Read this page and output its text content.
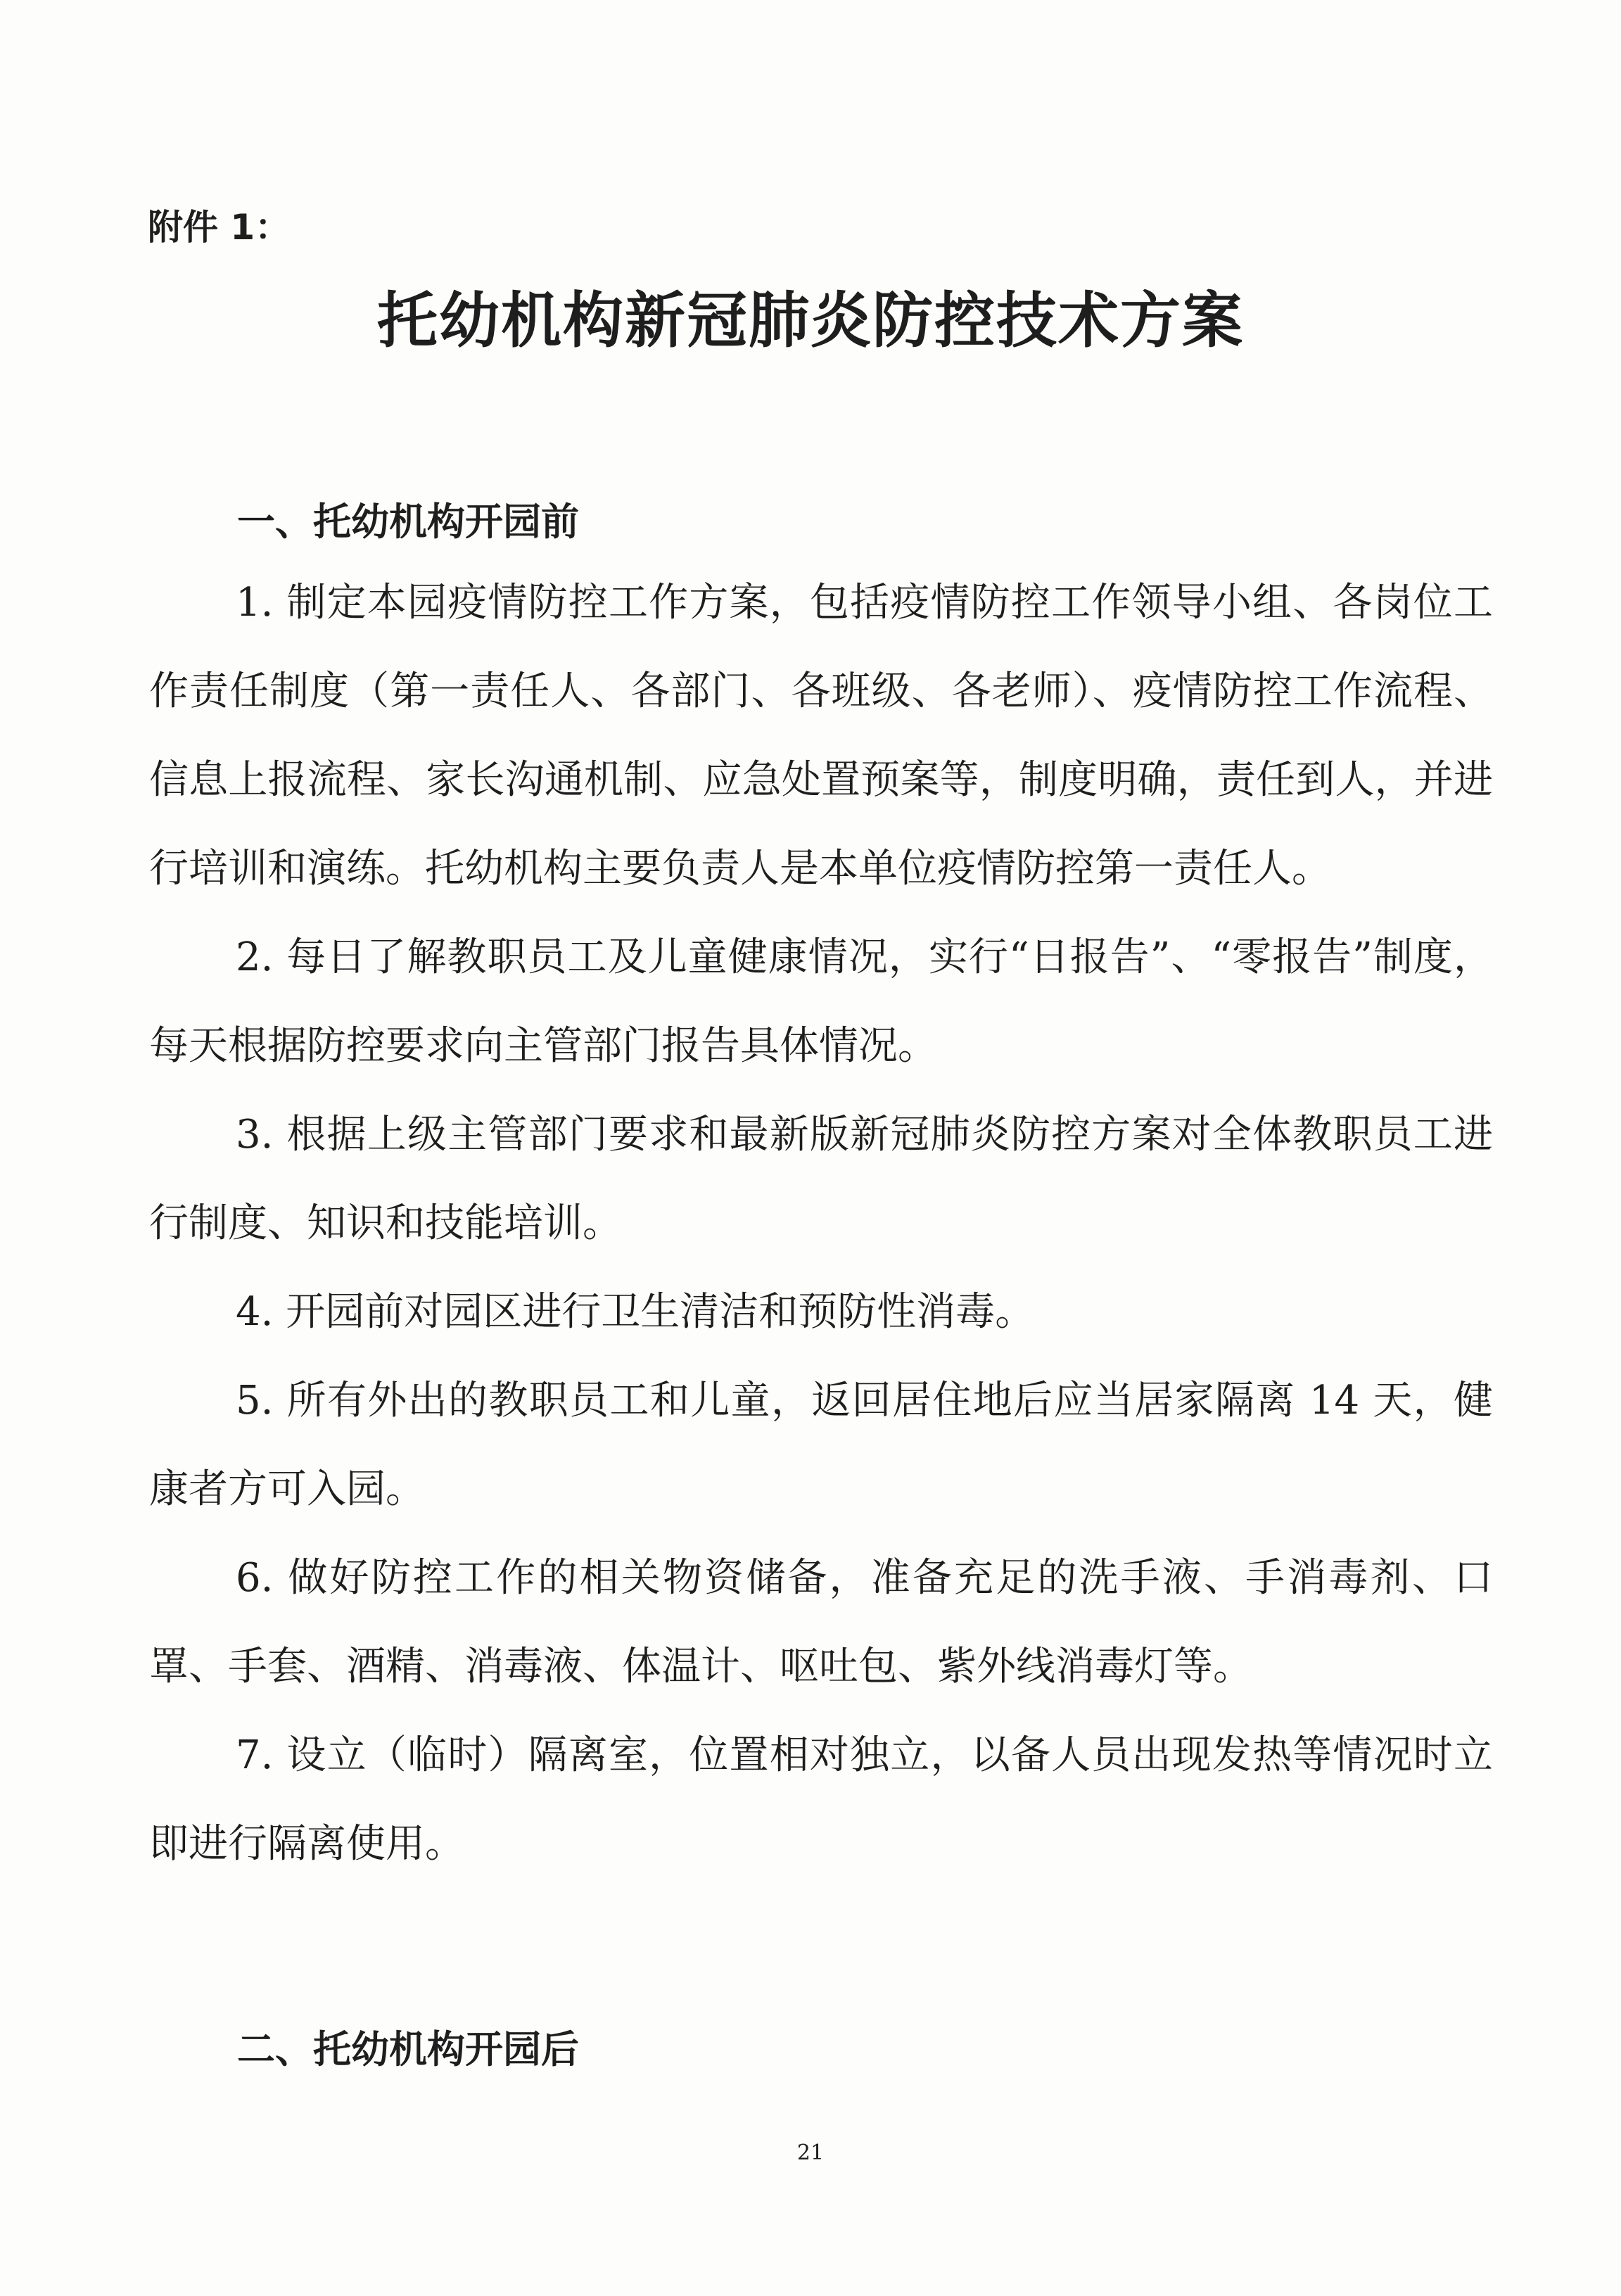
附件 1：
托幼机构新冠肺炎防控技术方案
一、托幼机构开园前

1. 制定本园疫情防控工作方案，包括疫情防控工作领导小组、各岗位工作责任制度（第一责任人、各部门、各班级、各老师）、疫情防控工作流程、信息上报流程、家长沟通机制、应急处置预案等，制度明确，责任到人，并进行培训和演练。托幼机构主要负责人是本单位疫情防控第一责任人。

2. 每日了解教职员工及儿童健康情况，实行“日报告”、“零报告”制度，每天根据防控要求向主管部门报告具体情况。

3. 根据上级主管部门要求和最新版新冠肺炎防控方案对全体教职员工进行制度、知识和技能培训。

4. 开园前对园区进行卫生清洁和预防性消毒。

5. 所有外出的教职员工和儿童，返回居住地后应当居家隔离 14 天，健康者方可入园。

6. 做好防控工作的相关物资储备，准备充足的洗手液、手消毒剂、口罩、手套、酒精、消毒液、体温计、呕吐包、紫外线消毒灯等。

7. 设立（临时）隔离室，位置相对独立，以备人员出现发热等情况时立即进行隔离使用。

二、托幼机构开园后
21
